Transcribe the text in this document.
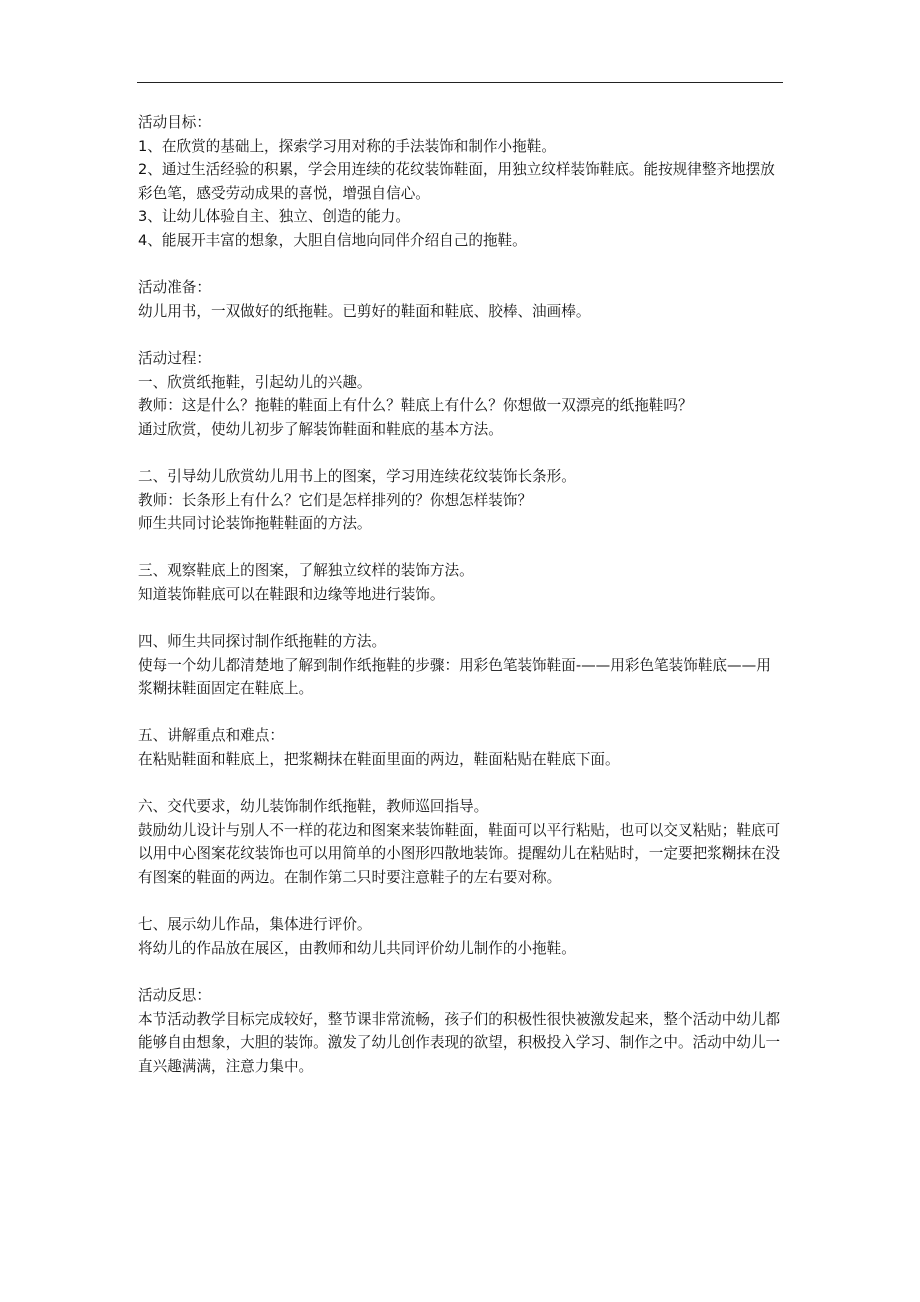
活动目标：

1、在欣赏的基础上，探索学习用对称的手法装饰和制作小拖鞋。

2、通过生活经验的积累，学会用连续的花纹装饰鞋面，用独立纹样装饰鞋底。能按规律整齐地摆放彩色笔，感受劳动成果的喜悦，增强自信心。

3、让幼儿体验自主、独立、创造的能力。

4、能展开丰富的想象，大胆自信地向同伴介绍自己的拖鞋。

活动准备：

幼儿用书，一双做好的纸拖鞋。已剪好的鞋面和鞋底、胶棒、油画棒。

活动过程：

一、欣赏纸拖鞋，引起幼儿的兴趣。

教师：这是什么？拖鞋的鞋面上有什么？鞋底上有什么？你想做一双漂亮的纸拖鞋吗？

通过欣赏，使幼儿初步了解装饰鞋面和鞋底的基本方法。

二、引导幼儿欣赏幼儿用书上的图案，学习用连续花纹装饰长条形。

教师：长条形上有什么？它们是怎样排列的？你想怎样装饰？

师生共同讨论装饰拖鞋鞋面的方法。

三、观察鞋底上的图案，了解独立纹样的装饰方法。

知道装饰鞋底可以在鞋跟和边缘等地进行装饰。

四、师生共同探讨制作纸拖鞋的方法。

使每一个幼儿都清楚地了解到制作纸拖鞋的步骤：用彩色笔装饰鞋面-——用彩色笔装饰鞋底——用浆糊抹鞋面固定在鞋底上。

五、讲解重点和难点：

在粘贴鞋面和鞋底上，把浆糊抹在鞋面里面的两边，鞋面粘贴在鞋底下面。

六、交代要求，幼儿装饰制作纸拖鞋，教师巡回指导。

鼓励幼儿设计与别人不一样的花边和图案来装饰鞋面，鞋面可以平行粘贴，也可以交叉粘贴；鞋底可以用中心图案花纹装饰也可以用简单的小图形四散地装饰。提醒幼儿在粘贴时，一定要把浆糊抹在没有图案的鞋面的两边。在制作第二只时要注意鞋子的左右要对称。

七、展示幼儿作品，集体进行评价。

将幼儿的作品放在展区，由教师和幼儿共同评价幼儿制作的小拖鞋。

活动反思：

本节活动教学目标完成较好，整节课非常流畅，孩子们的积极性很快被激发起来，整个活动中幼儿都能够自由想象，大胆的装饰。激发了幼儿创作表现的欲望，积极投入学习、制作之中。活动中幼儿一直兴趣满满，注意力集中。
